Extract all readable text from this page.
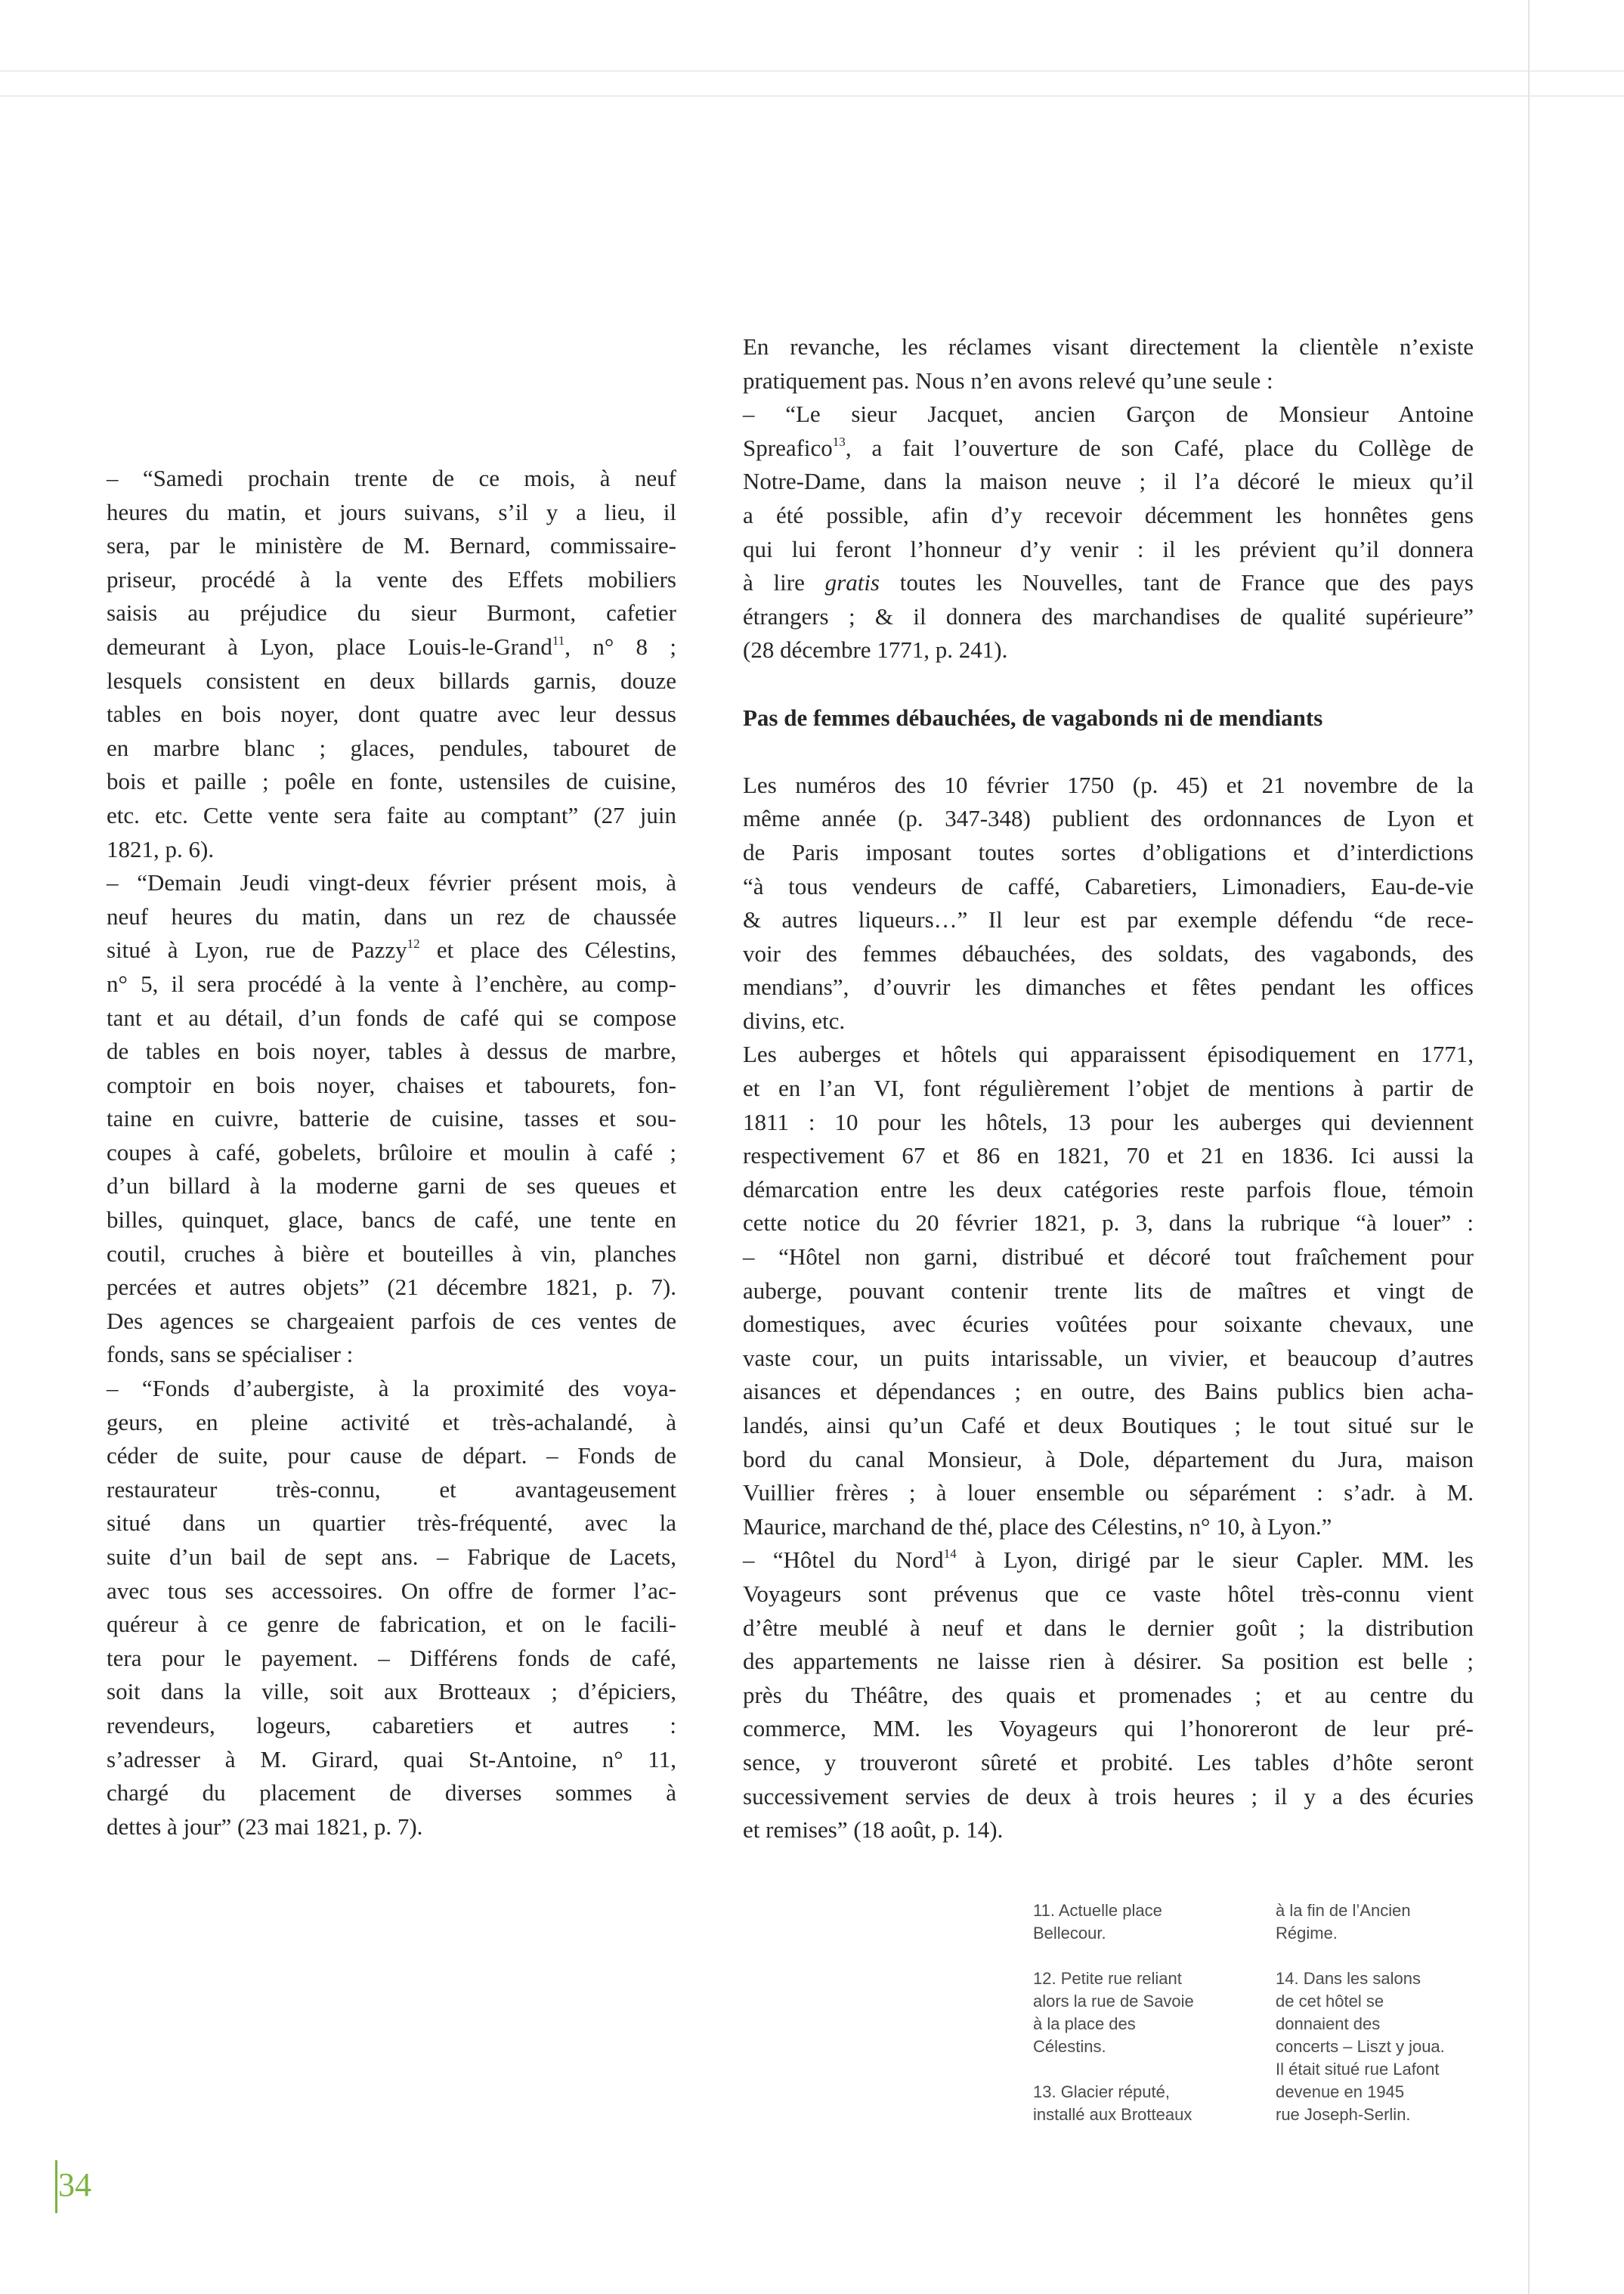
– “Samedi prochain trente de ce mois, à neuf
heures du matin, et jours suivans, s’il y a lieu, il
sera, par le ministère de M. Bernard, commissaire-
priseur, procédé à la vente des Effets mobiliers
saisis au préjudice du sieur Burmont, cafetier
demeurant à Lyon, place Louis-le-Grand$^{11}$, n° 8 ;
lesquels consistent en deux billards garnis, douze
tables en bois noyer, dont quatre avec leur dessus
en marbre blanc ; glaces, pendules, tabouret de
bois et paille ; poêle en fonte, ustensiles de cuisine,
etc. etc. Cette vente sera faite au comptant” (27 juin
1821, p. 6).
– “Demain Jeudi vingt-deux février présent mois, à
neuf heures du matin, dans un rez de chaussée
situé à Lyon, rue de Pazzy$^{12}$ et place des Célestins,
n° 5, il sera procédé à la vente à l’enchère, au comp-
tant et au détail, d’un fonds de café qui se compose
de tables en bois noyer, tables à dessus de marbre,
comptoir en bois noyer, chaises et tabourets, fon-
taine en cuivre, batterie de cuisine, tasses et sou-
coupes à café, gobelets, brûloire et moulin à café ;
d’un billard à la moderne garni de ses queues et
billes, quinquet, glace, bancs de café, une tente en
coutil, cruches à bière et bouteilles à vin, planches
percées et autres objets” (21 décembre 1821, p. 7).
Des agences se chargeaient parfois de ces ventes de
fonds, sans se spécialiser :
– “Fonds d’aubergiste, à la proximité des voya-
geurs, en pleine activité et très-achalandé, à
céder de suite, pour cause de départ. – Fonds de
restaurateur très-connu, et avantageusement
situé dans un quartier très-fréquenté, avec la
suite d’un bail de sept ans. – Fabrique de Lacets,
avec tous ses accessoires. On offre de former l’ac-
quéreur à ce genre de fabrication, et on le facili-
tera pour le payement. – Différens fonds de café,
soit dans la ville, soit aux Brotteaux ; d’épiciers,
revendeurs, logeurs, cabaretiers et autres :
s’adresser à M. Girard, quai St-Antoine, n° 11,
chargé du placement de diverses sommes à
dettes à jour” (23 mai 1821, p. 7).
En revanche, les réclames visant directement la clientèle n’existe
pratiquement pas. Nous n’en avons relevé qu’une seule :
– “Le sieur Jacquet, ancien Garçon de Monsieur Antoine
Spreafico$^{13}$, a fait l’ouverture de son Café, place du Collège de
Notre-Dame, dans la maison neuve ; il l’a décoré le mieux qu’il
a été possible, afin d’y recevoir décemment les honnêtes gens
qui lui feront l’honneur d’y venir : il les prévient qu’il donnera
à lire gratis toutes les Nouvelles, tant de France que des pays
étrangers ; & il donnera des marchandises de qualité supérieure”
(28 décembre 1771, p. 241).
Pas de femmes débauchées, de vagabonds ni de mendiants
Les numéros des 10 février 1750 (p. 45) et 21 novembre de la
même année (p. 347-348) publient des ordonnances de Lyon et
de Paris imposant toutes sortes d’obligations et d’interdictions
“à tous vendeurs de caffé, Cabaretiers, Limonadiers, Eau-de-vie
& autres liqueurs…” Il leur est par exemple défendu “de rece-
voir des femmes débauchées, des soldats, des vagabonds, des
mendians”, d’ouvrir les dimanches et fêtes pendant les offices
divins, etc.
Les auberges et hôtels qui apparaissent épisodiquement en 1771,
et en l’an VI, font régulièrement l’objet de mentions à partir de
1811 : 10 pour les hôtels, 13 pour les auberges qui deviennent
respectivement 67 et 86 en 1821, 70 et 21 en 1836. Ici aussi la
démarcation entre les deux catégories reste parfois floue, témoin
cette notice du 20 février 1821, p. 3, dans la rubrique “à louer” :
– “Hôtel non garni, distribué et décoré tout fraîchement pour
auberge, pouvant contenir trente lits de maîtres et vingt de
domestiques, avec écuries voûtées pour soixante chevaux, une
vaste cour, un puits intarissable, un vivier, et beaucoup d’autres
aisances et dépendances ; en outre, des Bains publics bien acha-
landés, ainsi qu’un Café et deux Boutiques ; le tout situé sur le
bord du canal Monsieur, à Dole, département du Jura, maison
Vuillier frères ; à louer ensemble ou séparément : s’adr. à M.
Maurice, marchand de thé, place des Célestins, n° 10, à Lyon.”
– “Hôtel du Nord$^{14}$ à Lyon, dirigé par le sieur Capler. MM. les
Voyageurs sont prévenus que ce vaste hôtel très-connu vient
d’être meublé à neuf et dans le dernier goût ; la distribution
des appartements ne laisse rien à désirer. Sa position est belle ;
près du Théâtre, des quais et promenades ; et au centre du
commerce, MM. les Voyageurs qui l’honoreront de leur pré-
sence, y trouveront sûreté et probité. Les tables d’hôte seront
successivement servies de deux à trois heures ; il y a des écuries
et remises” (18 août, p. 14).
11. Actuelle place
Bellecour.
12. Petite rue reliant
alors la rue de Savoie
à la place des
Célestins.
13. Glacier réputé,
installé aux Brotteaux
à la fin de l’Ancien
Régime.
14. Dans les salons
de cet hôtel se
donnaient des
concerts – Liszt y joua.
Il était situé rue Lafont
devenue en 1945
rue Joseph-Serlin.
34
